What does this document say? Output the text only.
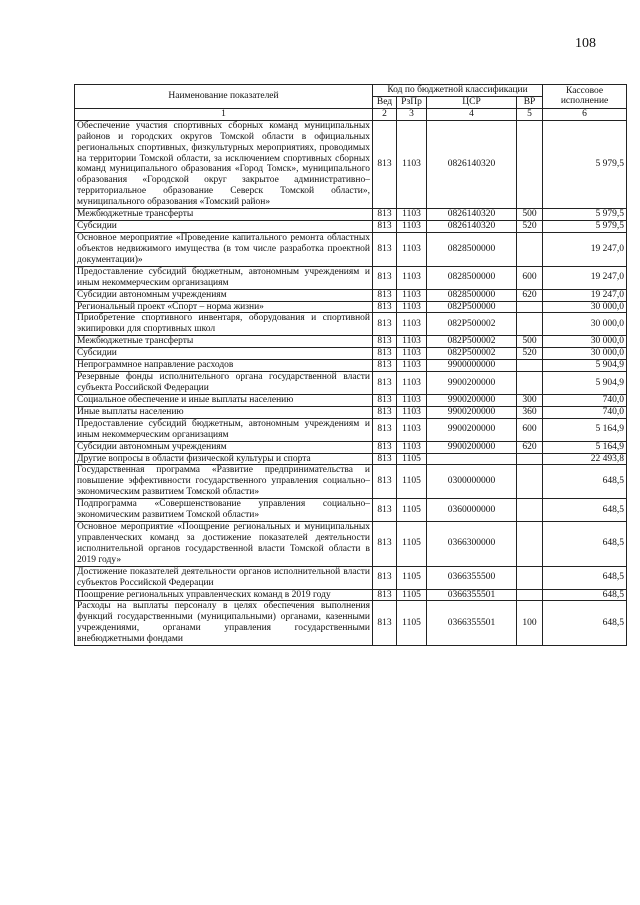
108
Наименование показателей	Код по бюджетной классификации				Кассовое исполнение
	Вед	РзПр	ЦСР	ВР	
1	2	3	4	5	6
Обеспечение участия спортивных сборных команд муниципальных районов и городских округов Томской области в официальных региональных спортивных, физкультурных мероприятиях, проводимых на территории Томской области, за исключением спортивных сборных команд муниципального образования «Город Томск», муниципального образования «Городской округ закрытое административно–территориальное образование Северск Томской области», муниципального образования «Томский район»	813	1103	0826140320		5 979,5
Межбюджетные трансферты	813	1103	0826140320	500	5 979,5
Субсидии	813	1103	0826140320	520	5 979,5
Основное мероприятие «Проведение капитального ремонта областных объектов недвижимого имущества (в том числе разработка проектной документации)»	813	1103	0828500000		19 247,0
Предоставление субсидий бюджетным, автономным учреждениям и иным некоммерческим организациям	813	1103	0828500000	600	19 247,0
Субсидии автономным учреждениям	813	1103	0828500000	620	19 247,0
Региональный проект «Спорт – норма жизни»	813	1103	082P500000		30 000,0
Приобретение спортивного инвентаря, оборудования и спортивной экипировки для спортивных школ	813	1103	082P500002		30 000,0
Межбюджетные трансферты	813	1103	082P500002	500	30 000,0
Субсидии	813	1103	082P500002	520	30 000,0
Непрограммное направление расходов	813	1103	9900000000		5 904,9
Резервные фонды исполнительного органа государственной власти субъекта Российской Федерации	813	1103	9900200000		5 904,9
Социальное обеспечение и иные выплаты населению	813	1103	9900200000	300	740,0
Иные выплаты населению	813	1103	9900200000	360	740,0
Предоставление субсидий бюджетным, автономным учреждениям и иным некоммерческим организациям	813	1103	9900200000	600	5 164,9
Субсидии автономным учреждениям	813	1103	9900200000	620	5 164,9
Другие вопросы в области физической культуры и спорта	813	1105			22 493,8
Государственная программа «Развитие предпринимательства и повышение эффективности государственного управления социально–экономическим развитием Томской области»	813	1105	0300000000		648,5
Подпрограмма «Совершенствование управления социально–экономическим развитием Томской области»	813	1105	0360000000		648,5
Основное мероприятие «Поощрение региональных и муниципальных управленческих команд за достижение показателей деятельности исполнительной органов государственной власти Томской области в 2019 году»	813	1105	0366300000		648,5
Достижение показателей деятельности органов исполнительной власти субъектов Российской Федерации	813	1105	0366355500		648,5
Поощрение региональных управленческих команд в 2019 году	813	1105	0366355501		648,5
Расходы на выплаты персоналу в целях обеспечения выполнения функций государственными (муниципальными) органами, казенными учреждениями, органами управления государственными внебюджетными фондами	813	1105	0366355501	100	648,5
